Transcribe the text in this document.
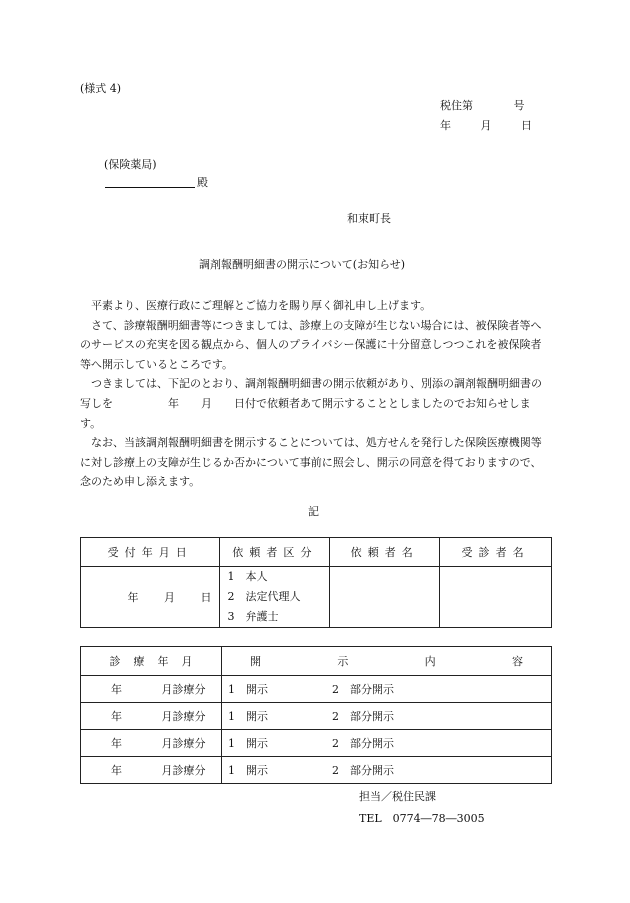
(様式 4)
税住第　 号
年 月 日
(保険薬局)
殿
和束町長
調剤報酬明細書の開示について(お知らせ)

平素より、医療行政にご理解とご協力を賜り厚く御礼申し上げます。

さて、診療報酬明細書等につきましては、診療上の支障が生じない場合には、被保険者等へのサービスの充実を図る観点から、個人のプライバシー保護に十分留意しつつこれを被保険者等へ開示しているところです。

つきましては、下記のとおり、調剤報酬明細書の開示依頼があり、別添の調剤報酬明細書の写しを　　　　　年　　月　　日付で依頼者あて開示することとしましたのでお知らせします。

なお、当該調剤報酬明細書を開示することについては、処方せんを発行した保険医療機関等に対し診療上の支障が生じるか否かについて事前に照会し、開示の同意を得ておりますので、念のため申し添えます。

記
受付年月日	依頼者区分	依頼者名	受診者名
年 月 日	1　本人
2　法定代理人
3　弁護士		

診 療 年 月	開 示 内 容

年 月診療分	1　開示 2　部分開示
年 月診療分	1　開示 2　部分開示
年 月診療分	1　開示 2　部分開示
年 月診療分	1　開示 2　部分開示
担当／税住民課
TEL　0774―78―3005
